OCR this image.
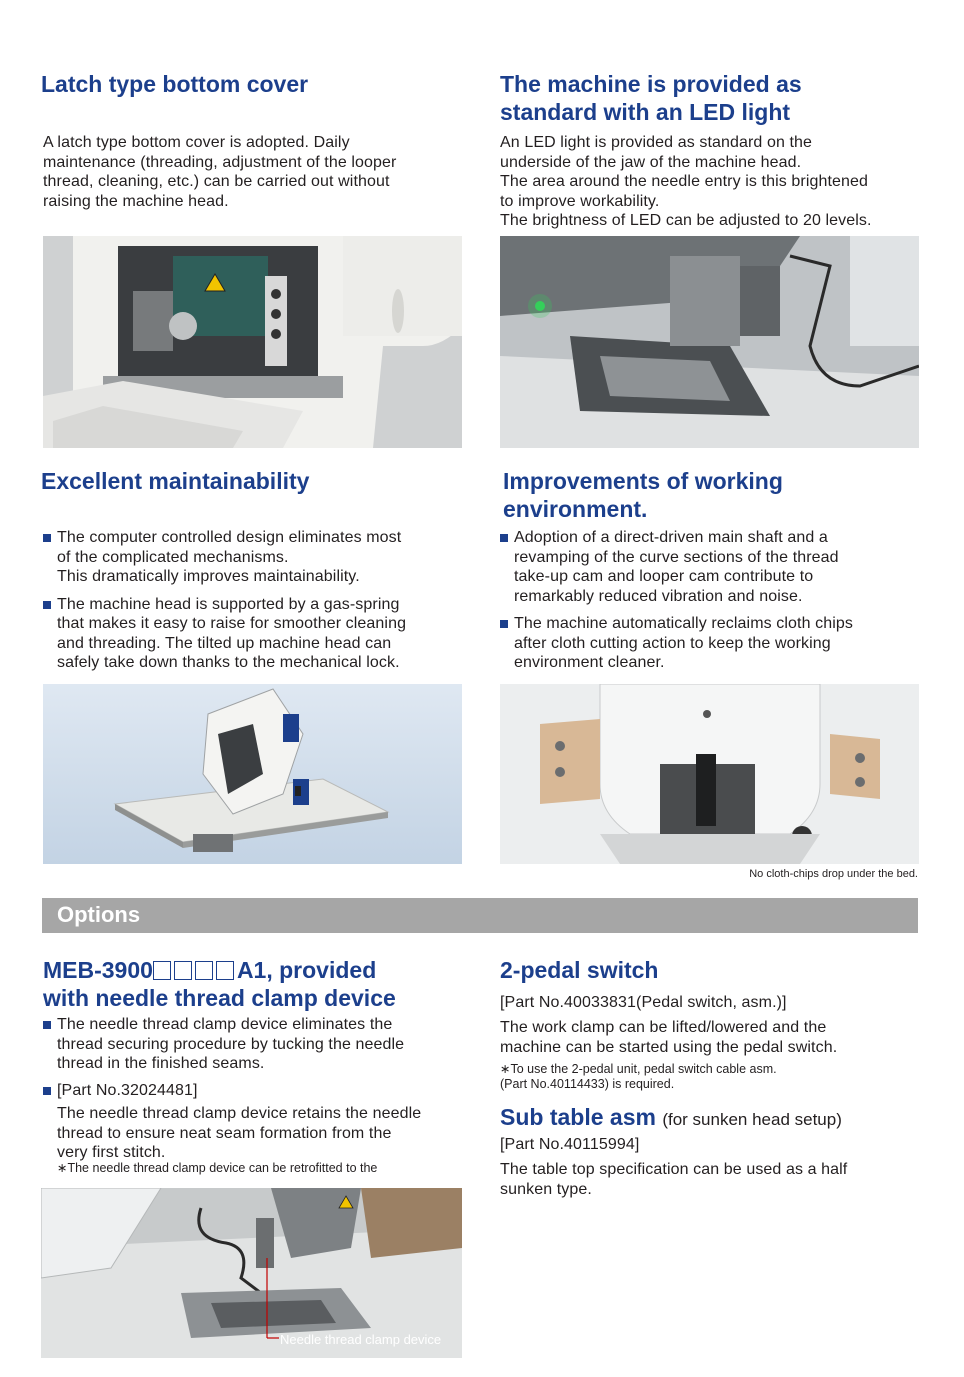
Latch type bottom cover

A latch type bottom cover is adopted. Daily
maintenance (threading, adjustment of the looper
thread, cleaning, etc.) can be carried out without
raising the machine head.

The machine is provided as
standard with an LED light

An LED light is provided as standard on the
underside of the jaw of the machine head.
The area around the needle entry is this brightened
to improve workability.
The brightness of LED can be adjusted to 20 levels.

Excellent maintainability
The computer controlled design eliminates most
of the complicated mechanisms.
This dramatically improves maintainability.
The machine head is supported by a gas-spring
that makes it easy to raise for smoother cleaning
and threading. The tilted up machine head can
safely take down thanks to the mechanical lock.
Improvements of working
environment.
Adoption of a direct-driven main shaft and a
revamping of the curve sections of the thread
take-up cam and looper cam contribute to
remarkably reduced vibration and noise.
The machine automatically reclaims cloth chips
after cloth cutting action to keep the working
environment cleaner.
No cloth-chips drop under the bed.
Options
MEB-3900	A1, provided
with needle thread clamp device
The needle thread clamp device eliminates the
thread securing procedure by tucking the needle
thread in the finished seams.
[Part No.32024481]

The needle thread clamp device retains the needle
thread to ensure neat seam formation from the
very first stitch.

∗The needle thread clamp device can be retrofitted to the

Needle thread clamp device
2-pedal switch

[Part No.40033831(Pedal switch, asm.)]

The work clamp can be lifted/lowered and the
machine can be started using the pedal switch.

∗To use the 2-pedal unit, pedal switch cable asm.
(Part No.40114433) is required.

Sub table asm (for sunken head setup)

[Part No.40115994]

The table top specification can be used as a half
sunken type.
